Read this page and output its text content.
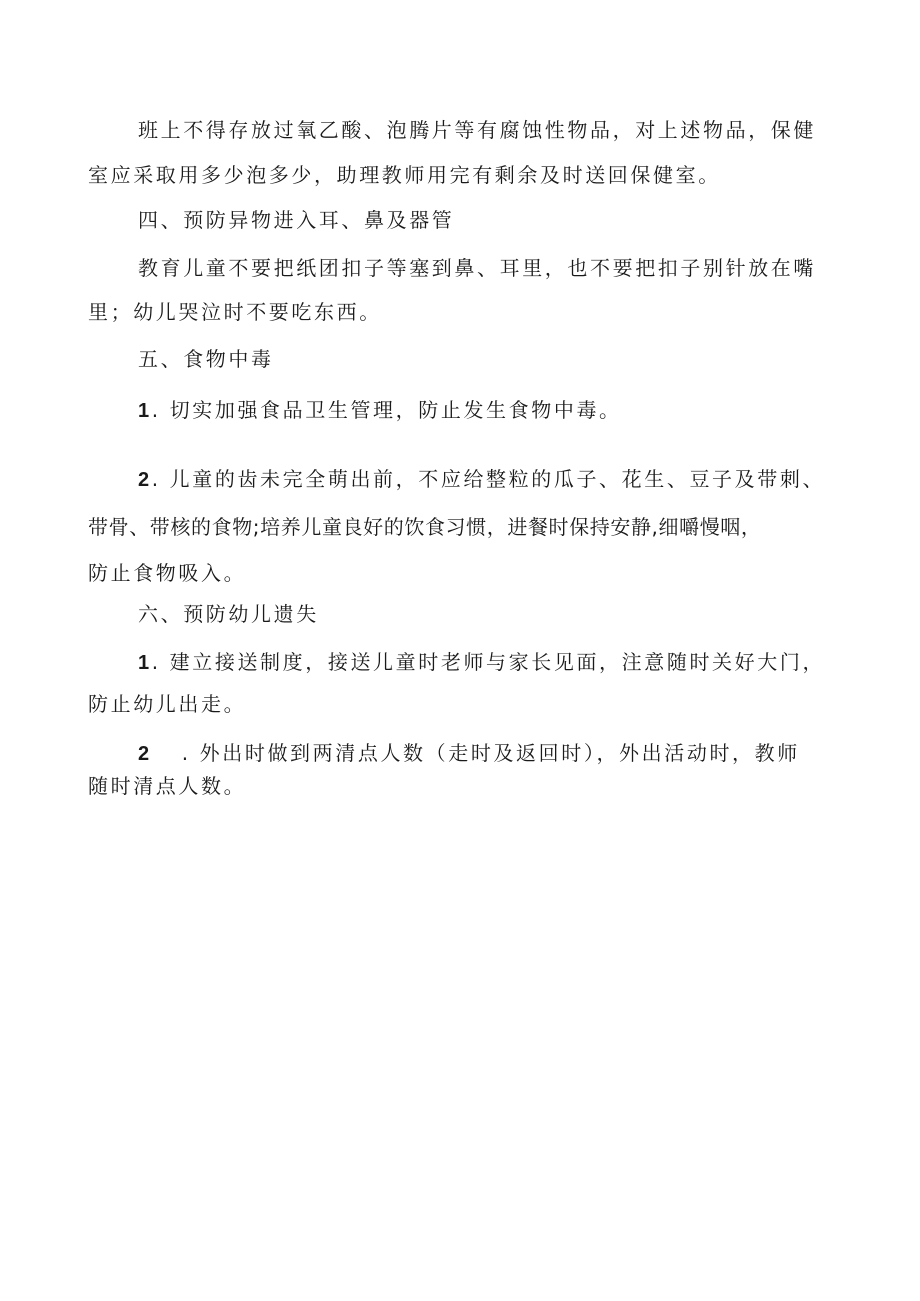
班上不得存放过氧乙酸、泡腾片等有腐蚀性物品，对上述物品，保健
室应采取用多少泡多少，助理教师用完有剩余及时送回保健室。
四、预防异物进入耳、鼻及器管
教育儿童不要把纸团扣子等塞到鼻、耳里，也不要把扣子别针放在嘴
里；幼儿哭泣时不要吃东西。
五、食物中毒
1. 切实加强食品卫生管理，防止发生食物中毒。
2. 儿童的齿未完全萌出前，不应给整粒的瓜子、花生、豆子及带刺、
带骨、带核的食物;培养儿童良好的饮食习惯，进餐时保持安静,细嚼慢咽，
防止食物吸入。
六、预防幼儿遗失
1. 建立接送制度，接送儿童时老师与家长见面，注意随时关好大门，
防止幼儿出走。
2 . 外出时做到两清点人数（走时及返回时），外出活动时，教师
随时清点人数。
